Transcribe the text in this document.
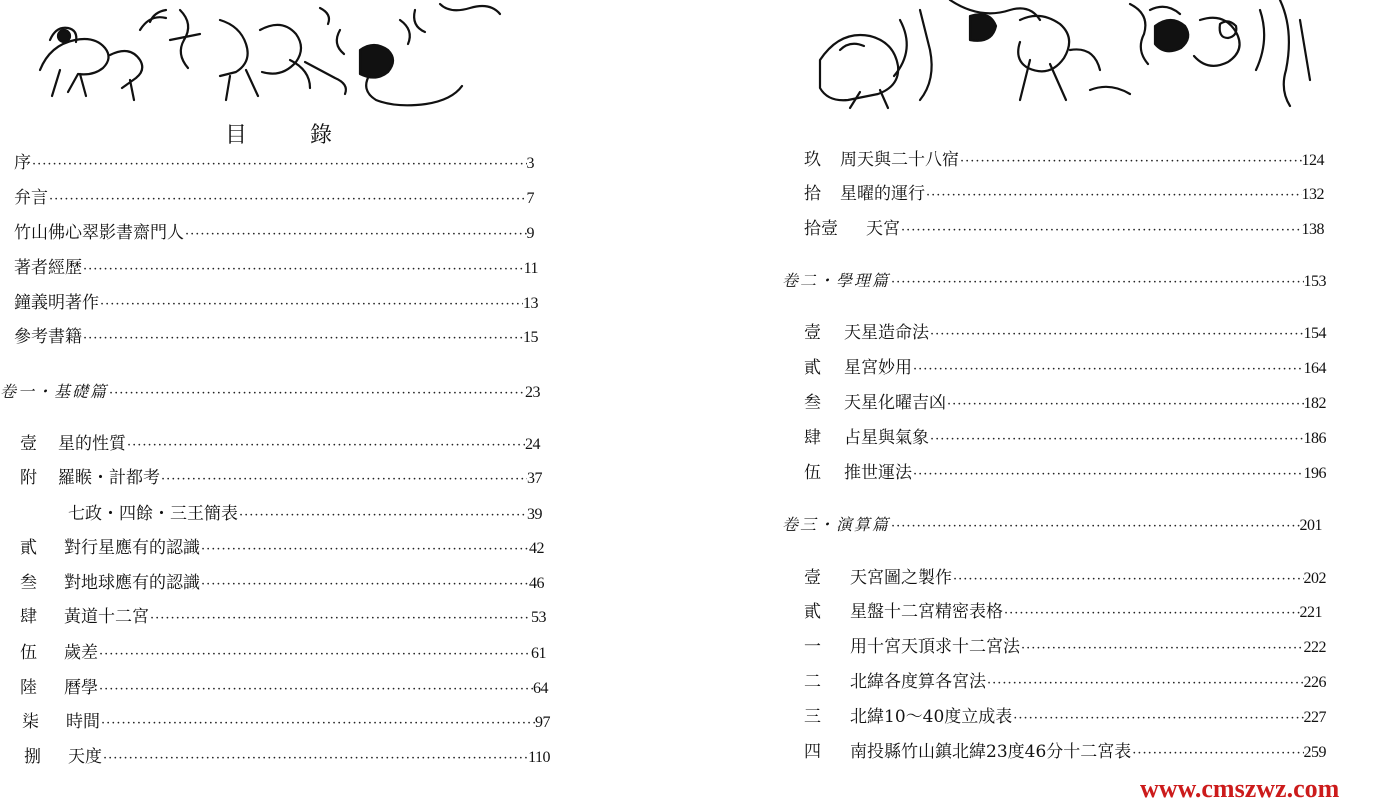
目 錄
序 ·····	3
弁言 ·····	7
竹山佛心翠影書齋門人 ·····	9
著者經歷 ·····	11
鐘義明著作 ·····	13
參考書籍 ·····	15
卷一・基礎篇 ·····	23
壹	星的性質 ·····	24
附	羅睺・計都考 ·····	37
七政・四餘・三王簡表 ·····	39
貳	對行星應有的認識 ·····	42
叁	對地球應有的認識 ·····	46
肆	黃道十二宮 ·····	53
伍	歲差 ·····	61
陸	曆學 ·····	64
柒	時間 ·····	97
捌	天度 ·····	110
玖	周天與二十八宿 ·····	124
拾	星曜的運行 ·····	132
拾壹	天宮 ·····	138
卷二・學理篇 ·····	153
壹	天星造命法 ·····	154
貳	星宮妙用 ·····	164
叁	天星化曜吉凶 ·····	182
肆	占星與氣象 ·····	186
伍	推世運法 ·····	196
卷三・演算篇 ·····	201
壹	天宮圖之製作 ·····	202
貳	星盤十二宮精密表格 ·····	221
一	用十宮天頂求十二宮法 ·····	222
二	北緯各度算各宮法 ·····	226
三	北緯10～40度立成表 ·····	227
四	南投縣竹山鎮北緯23度46分十二宮表 ·····	259
www.cmszwz.com
